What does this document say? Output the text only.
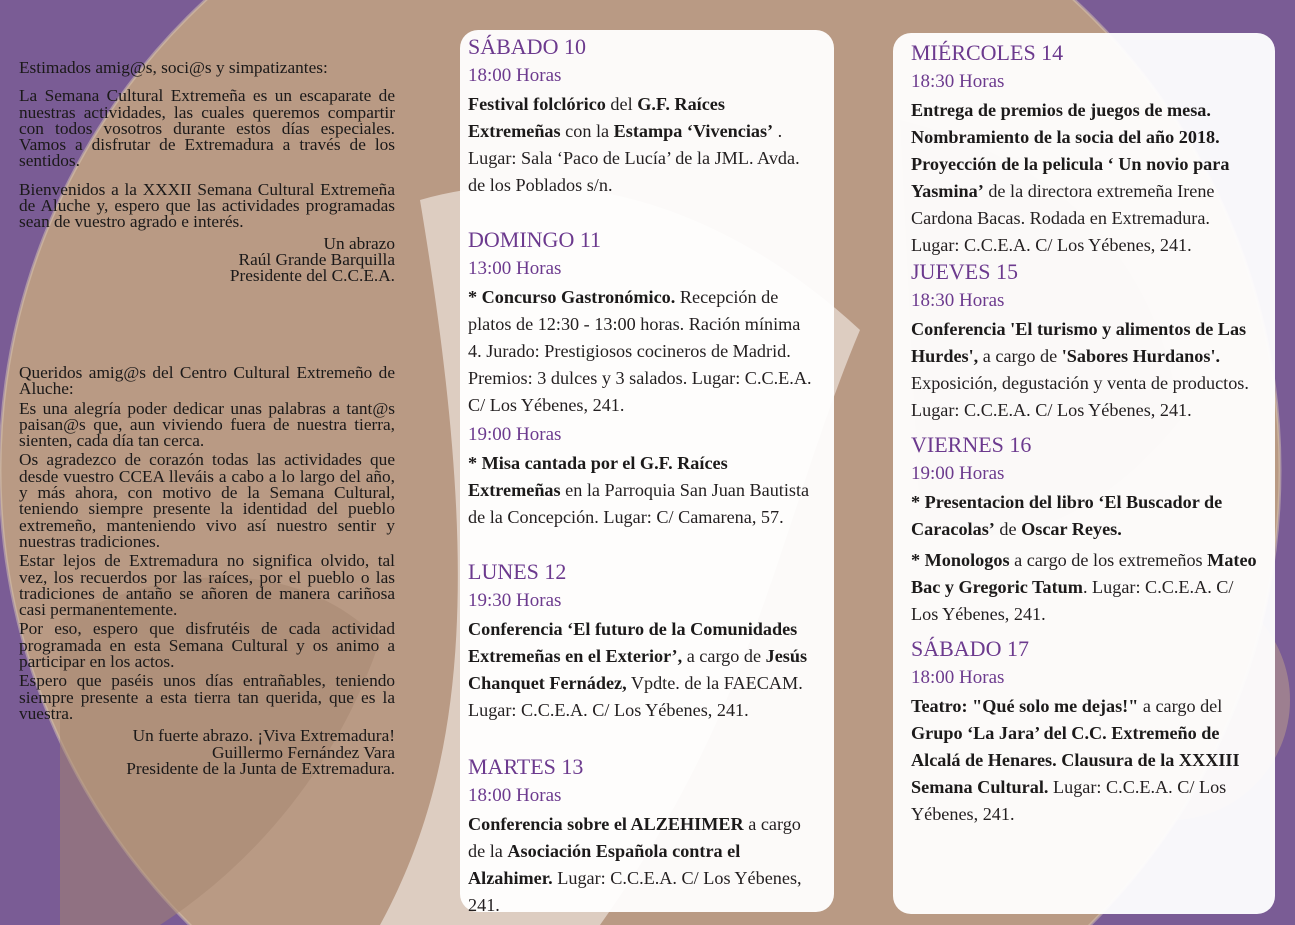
Estimados amig@s, soci@s y simpatizantes:

La Semana Cultural Extremeña es un escaparate de nuestras actividades, las cuales queremos compartir con todos vosotros durante estos días especiales. Vamos a disfrutar de Extremadura a través de los sentidos.

Bienvenidos a la XXXII Semana Cultural Extremeña de Aluche y, espero que las actividades programadas sean de vuestro agrado e interés.

Un abrazo

Raúl Grande Barquilla

Presidente del C.C.E.A.

Queridos amig@s del Centro Cultural Extremeño de Aluche:

Es una alegría poder dedicar unas palabras a tant@s paisan@s que, aun viviendo fuera de nuestra tierra, sienten, cada día tan cerca.

Os agradezco de corazón todas las actividades que desde vuestro CCEA lleváis a cabo a lo largo del año, y más ahora, con motivo de la Semana Cultural, teniendo siempre presente la identidad del pueblo extremeño, manteniendo vivo así nuestro sentir y nuestras tradiciones.

Estar lejos de Extremadura no significa olvido, tal vez, los recuerdos por las raíces, por el pueblo o las tradiciones de antaño se añoren de manera cariñosa casi permanentemente.

Por eso, espero que disfrutéis de cada actividad programada en esta Semana Cultural y os animo a participar en los actos.

Espero que paséis unos días entrañables, teniendo siempre presente a esta tierra tan querida, que es la vuestra.

Un fuerte abrazo. ¡Viva Extremadura!

Guillermo Fernández Vara

Presidente de la Junta de Extremadura.

SÁBADO 10

18:00 Horas

Festival folclórico del G.F. Raíces Extremeñas con la Estampa ‘Vivencias’ . Lugar: Sala ‘Paco de Lucía’ de la JML. Avda. de los Poblados s/n.

DOMINGO 11

13:00 Horas

* Concurso Gastronómico. Recepción de platos de 12:30 - 13:00 horas. Ración mínima 4. Jurado: Prestigiosos cocineros de Madrid. Premios: 3 dulces y 3 salados. Lugar: C.C.E.A. C/ Los Yébenes, 241.

19:00 Horas

* Misa cantada por el G.F. Raíces Extremeñas en la Parroquia San Juan Bautista de la Concepción. Lugar: C/ Camarena, 57.

LUNES 12

19:30 Horas

Conferencia ‘El futuro de la Comunidades Extremeñas en el Exterior’, a cargo de Jesús Chanquet Fernádez, Vpdte. de la FAECAM. Lugar: C.C.E.A. C/ Los Yébenes, 241.

MARTES 13

18:00 Horas

Conferencia sobre el ALZEHIMER a cargo de la Asociación Española contra el Alzahimer. Lugar: C.C.E.A. C/ Los Yébenes, 241.

MIÉRCOLES 14

18:30 Horas

Entrega de premios de juegos de mesa. Nombramiento de la socia del año 2018. Proyección de la pelicula ‘ Un novio para Yasmina’ de la directora extremeña Irene Cardona Bacas. Rodada en Extremadura.

Lugar: C.C.E.A. C/ Los Yébenes, 241.

JUEVES 15

18:30 Horas

Conferencia 'El turismo y alimentos de Las Hurdes', a cargo de 'Sabores Hurdanos'. Exposición, degustación y venta de productos. Lugar: C.C.E.A. C/ Los Yébenes, 241.

VIERNES 16

19:00 Horas

* Presentacion del libro ‘El Buscador de Caracolas’ de Oscar Reyes.

* Monologos a cargo de los extremeños Mateo Bac y Gregoric Tatum. Lugar: C.C.E.A. C/ Los Yébenes, 241.

SÁBADO 17

18:00 Horas

Teatro: "Qué solo me dejas!" a cargo del Grupo ‘La Jara’ del C.C. Extremeño de Alcalá de Henares. Clausura de la XXXIII Semana Cultural. Lugar: C.C.E.A. C/ Los Yébenes, 241.
